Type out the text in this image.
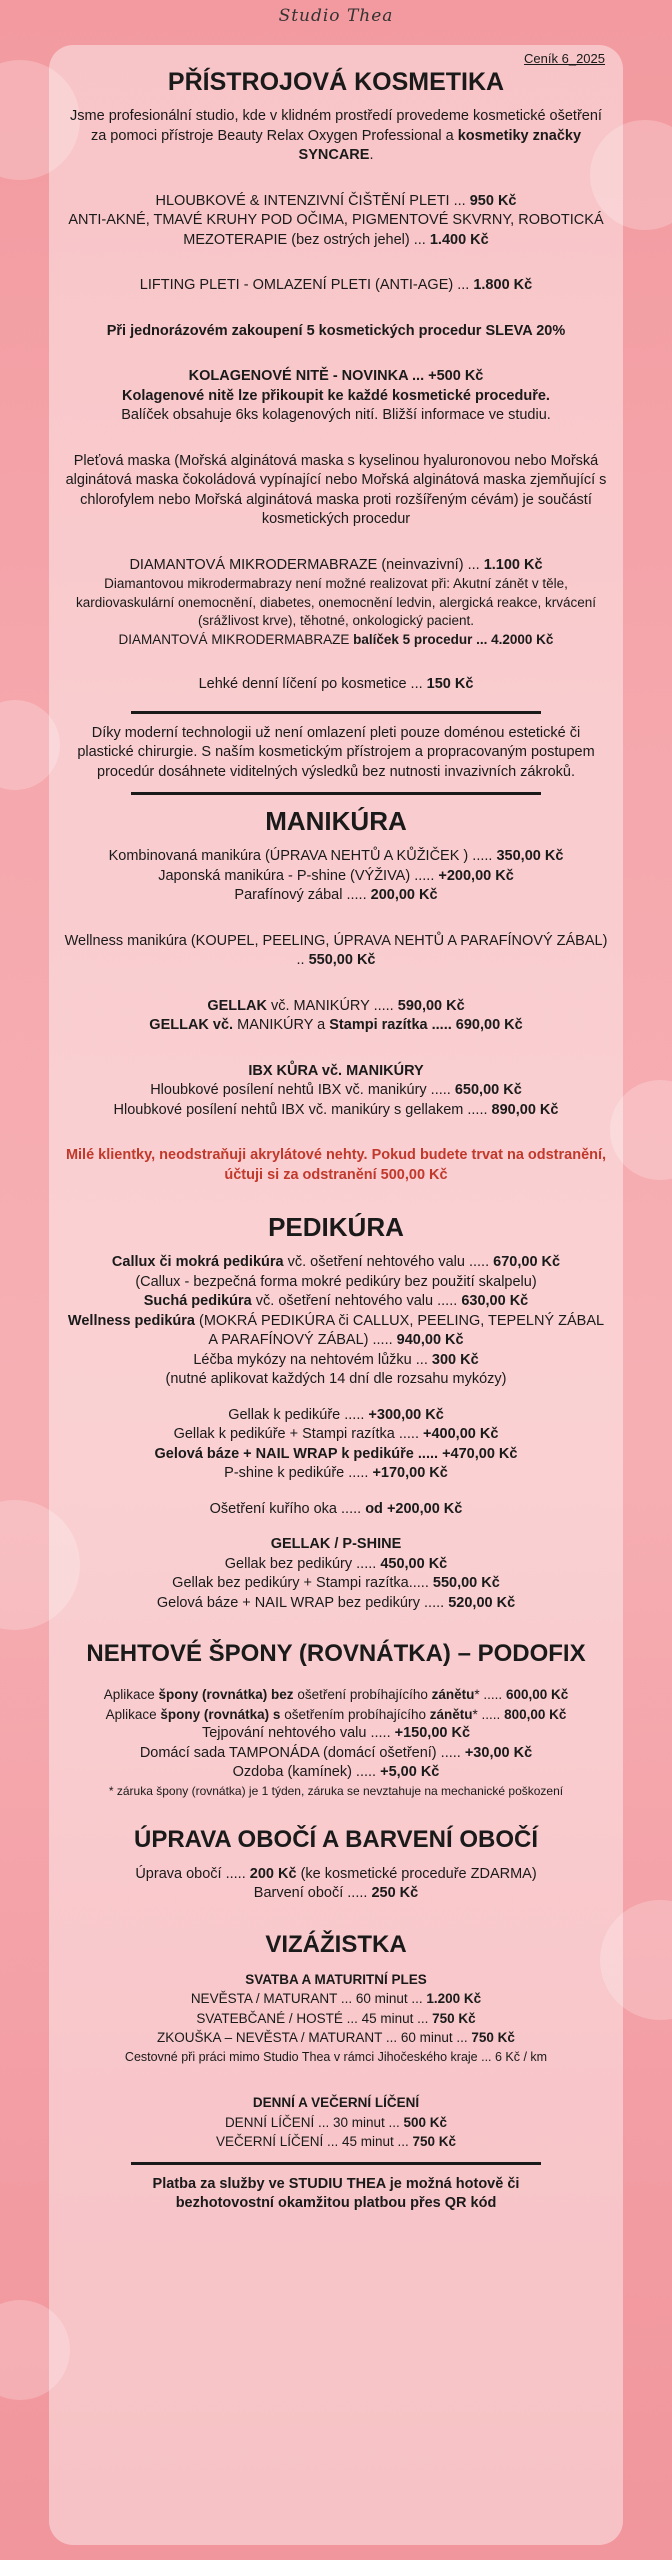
Studio Thea
Ceník 6_2025
PŘÍSTROJOVÁ KOSMETIKA

Jsme profesionální studio, kde v klidném prostředí provedeme kosmetické ošetření za pomoci přístroje Beauty Relax Oxygen Professional a kosmetiky značky SYNCARE.

HLOUBKOVÉ & INTENZIVNÍ ČIŠTĚNÍ PLETI ... 950 Kč

ANTI-AKNÉ, TMAVÉ KRUHY POD OČIMA, PIGMENTOVÉ SKVRNY, ROBOTICKÁ MEZOTERAPIE (bez ostrých jehel) ... 1.400 Kč

LIFTING PLETI - OMLAZENÍ PLETI (ANTI-AGE) ... 1.800 Kč

Při jednorázovém zakoupení 5 kosmetických procedur SLEVA 20%

KOLAGENOVÉ NITĚ - NOVINKA ... +500 Kč

Kolagenové nitě lze přikoupit ke každé kosmetické proceduře.

Balíček obsahuje 6ks kolagenových nití. Bližší informace ve studiu.

Pleťová maska (Mořská alginátová maska s kyselinou hyaluronovou nebo Mořská alginátová maska čokoládová vypínající nebo Mořská alginátová maska zjemňující s chlorofylem nebo Mořská alginátová maska proti rozšířeným cévám) je součástí kosmetických procedur

DIAMANTOVÁ MIKRODERMABRAZE (neinvazivní) ... 1.100 Kč

Diamantovou mikrodermabrazy není možné realizovat při: Akutní zánět v těle, kardiovaskulární onemocnění, diabetes, onemocnění ledvin, alergická reakce, krvácení (srážlivost krve), těhotné, onkologický pacient.

DIAMANTOVÁ MIKRODERMABRAZE balíček 5 procedur ... 4.2000 Kč

Lehké denní líčení po kosmetice ... 150 Kč

Díky moderní technologii už není omlazení pleti pouze doménou estetické či plastické chirurgie. S naším kosmetickým přístrojem a propracovaným postupem procedúr dosáhnete viditelných výsledků bez nutnosti invazivních zákroků.

MANIKÚRA

Kombinovaná manikúra (ÚPRAVA NEHTŮ A KŮŽIČEK ) ..... 350,00 Kč

Japonská manikúra - P-shine (VÝŽIVA) ..... +200,00 Kč

Parafínový zábal ..... 200,00 Kč

Wellness manikúra (KOUPEL, PEELING, ÚPRAVA NEHTŮ A PARAFÍNOVÝ ZÁBAL) .. 550,00 Kč

GELLAK vč. MANIKÚRY ..... 590,00 Kč

GELLAK vč. MANIKÚRY a Stampi razítka ..... 690,00 Kč

IBX KŮRA vč. MANIKÚRY

Hloubkové posílení nehtů IBX vč. manikúry ..... 650,00 Kč

Hloubkové posílení nehtů IBX vč. manikúry s gellakem ..... 890,00 Kč

Milé klientky, neodstraňuji akrylátové nehty. Pokud budete trvat na odstranění, účtuji si za odstranění 500,00 Kč

PEDIKÚRA

Callux či mokrá pedikúra vč. ošetření nehtového valu ..... 670,00 Kč

(Callux - bezpečná forma mokré pedikúry bez použití skalpelu)

Suchá pedikúra vč. ošetření nehtového valu ..... 630,00 Kč

Wellness pedikúra (MOKRÁ PEDIKÚRA či CALLUX, PEELING, TEPELNÝ ZÁBAL A PARAFÍNOVÝ ZÁBAL) ..... 940,00 Kč

Léčba mykózy na nehtovém lůžku ... 300 Kč

(nutné aplikovat každých 14 dní dle rozsahu mykózy)

Gellak k pedikúře ..... +300,00 Kč

Gellak k pedikúře + Stampi razítka ..... +400,00 Kč

Gelová báze + NAIL WRAP k pedikúře ..... +470,00 Kč

P-shine k pedikúře ..... +170,00 Kč

Ošetření kuřího oka ..... od +200,00 Kč

GELLAK / P-SHINE

Gellak bez pedikúry ..... 450,00 Kč

Gellak bez pedikúry + Stampi razítka..... 550,00 Kč

Gelová báze + NAIL WRAP bez pedikúry ..... 520,00 Kč

NEHTOVÉ ŠPONY (ROVNÁTKA) – PODOFIX

Aplikace špony (rovnátka) bez ošetření probíhajícího zánětu* ..... 600,00 Kč

Aplikace špony (rovnátka) s ošetřením probíhajícího zánětu* ..... 800,00 Kč

Tejpování nehtového valu ..... +150,00 Kč

Domácí sada TAMPONÁDA (domácí ošetření) ..... +30,00 Kč

Ozdoba (kamínek) ..... +5,00 Kč

* záruka špony (rovnátka) je 1 týden, záruka se nevztahuje na mechanické poškození

ÚPRAVA OBOČÍ A BARVENÍ OBOČÍ

Úprava obočí ..... 200 Kč (ke kosmetické proceduře ZDARMA)

Barvení obočí ..... 250 Kč

VIZÁŽISTKA

SVATBA A MATURITNÍ PLES

NEVĚSTA / MATURANT ... 60 minut ... 1.200 Kč

SVATEBČANÉ / HOSTÉ ... 45 minut ... 750 Kč

ZKOUŠKA – NEVĚSTA / MATURANT ... 60 minut ... 750 Kč

Cestovné při práci mimo Studio Thea v rámci Jihočeského kraje ... 6 Kč / km

DENNÍ A VEČERNÍ LÍČENÍ

DENNÍ LÍČENÍ ... 30 minut ... 500 Kč

VEČERNÍ LÍČENÍ ... 45 minut ... 750 Kč

Platba za služby ve STUDIU THEA je možná hotově či bezhotovostní okamžitou platbou přes QR kód
